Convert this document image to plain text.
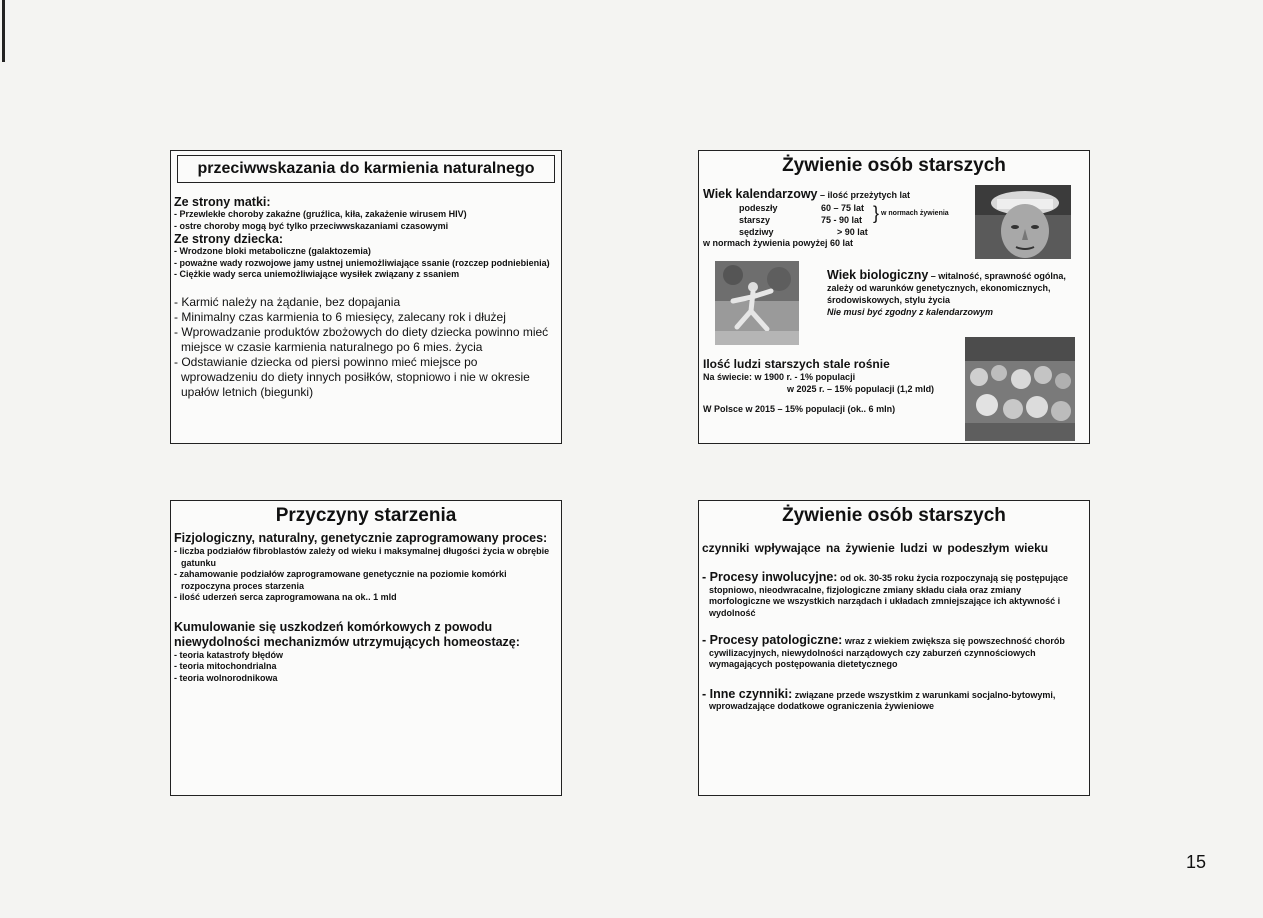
przeciwwskazania do karmienia naturalnego
Ze strony matki:
- Przewlekłe choroby zakaźne (gruźlica, kiła, zakażenie wirusem HIV)
- ostre choroby mogą być tylko przeciwwskazaniami czasowymi
Ze strony dziecka:
- Wrodzone bloki metaboliczne (galaktozemia)
- poważne wady rozwojowe jamy ustnej uniemożliwiające ssanie (rozczep podniebienia)
- Ciężkie wady serca uniemożliwiające wysiłek związany z ssaniem
- Karmić należy na żądanie, bez dopajania
- Minimalny czas karmienia to 6 miesięcy, zalecany rok i dłużej
- Wprowadzanie produktów zbożowych do diety dziecka powinno mieć miejsce w czasie karmienia naturalnego po 6 mies. życia
- Odstawianie dziecka od piersi powinno mieć miejsce po wprowadzeniu do diety innych posiłków, stopniowo i nie w okresie upałów letnich (biegunki)
Żywienie osób starszych
Wiek kalendarzowy – ilość przeżytych lat
podeszły	60 – 75 lat
starszy	75 - 90 lat
sędziwy	> 90 lat
} w normach żywienia
w normach żywienia powyżej 60 lat
Wiek biologiczny – witalność, sprawność ogólna, zależy od warunków genetycznych, ekonomicznych, środowiskowych, stylu życia
Nie musi być zgodny z kalendarzowym
Ilość ludzi starszych stale rośnie
Na świecie: w 1900 r. - 1% populacji
w 2025 r. – 15% populacji (1,2 mld)
W Polsce w 2015 – 15% populacji (ok.. 6 mln)
Przyczyny starzenia
Fizjologiczny, naturalny, genetycznie zaprogramowany proces:
- liczba podziałów fibroblastów zależy od wieku i maksymalnej długości życia w obrębie gatunku
- zahamowanie podziałów zaprogramowane genetycznie na poziomie komórki rozpoczyna proces starzenia
- ilość uderzeń serca zaprogramowana na ok.. 1 mld
Kumulowanie się uszkodzeń komórkowych z powodu niewydolności mechanizmów utrzymujących homeostazę:
- teoria katastrofy błędów
- teoria mitochondrialna
- teoria wolnorodnikowa
Żywienie osób starszych
czynniki wpływające na żywienie ludzi w podeszłym wieku
- Procesy inwolucyjne: od ok. 30-35 roku życia rozpoczynają się postępujące stopniowo, nieodwracalne, fizjologiczne zmiany składu ciała oraz zmiany morfologiczne we wszystkich narządach i układach zmniejszające ich aktywność i wydolność
- Procesy patologiczne: wraz z wiekiem zwiększa się powszechność chorób cywilizacyjnych, niewydolności narządowych czy zaburzeń czynnościowych wymagających postępowania dietetycznego
- Inne czynniki: związane przede wszystkim z warunkami socjalno-bytowymi, wprowadzające dodatkowe ograniczenia żywieniowe
15
